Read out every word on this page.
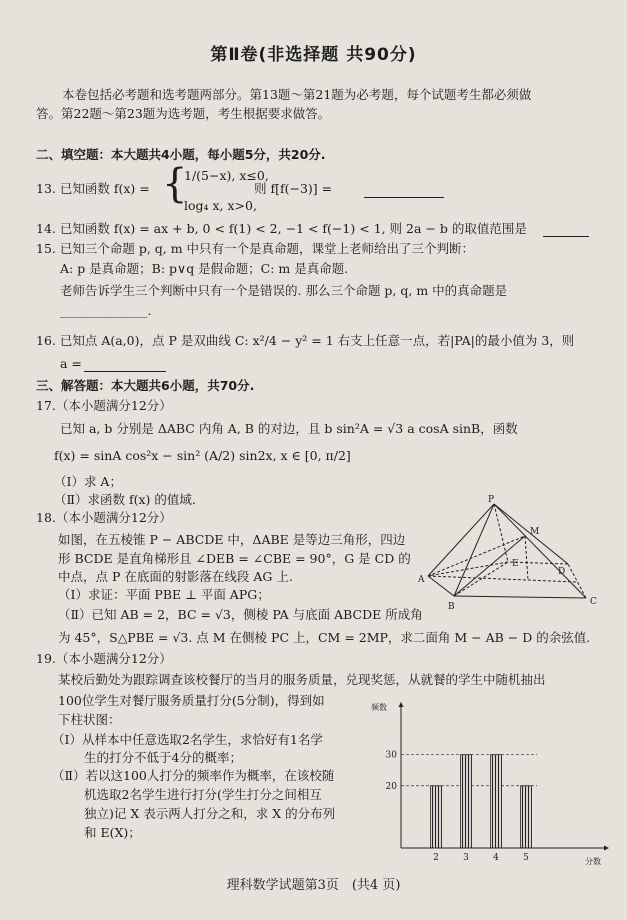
第Ⅱ卷(非选择题 共90分)
本卷包括必考题和选考题两部分。第13题～第21题为必考题，每个试题考生都必须做
答。第22题～第23题为选考题，考生根据要求做答。
二、填空题：本大题共4小题，每小题5分，共20分.
13. 已知函数 f(x) = {
1/(5−x), x≤0,
log₄ x, x>0,
则 f[f(−3)] =
14. 已知函数 f(x) = ax + b, 0 < f(1) < 2, −1 < f(−1) < 1, 则 2a − b 的取值范围是
15. 已知三个命题 p, q, m 中只有一个是真命题，课堂上老师给出了三个判断：
A: p 是真命题；B: p∨q 是假命题；C: m 是真命题.
老师告诉学生三个判断中只有一个是错误的. 那么三个命题 p, q, m 中的真命题是
______________.
16. 已知点 A(a,0)，点 P 是双曲线 C: x²/4 − y² = 1 右支上任意一点，若|PA|的最小值为 3，则
a =
三、解答题：本大题共6小题，共70分.
17.（本小题满分12分）
已知 a, b 分别是 ΔABC 内角 A, B 的对边，且 b sin²A = √3 a cosA sinB，函数
f(x) = sinA cos²x − sin² (A/2) sin2x, x ∈ [0, π/2]
（Ⅰ）求 A；
（Ⅱ）求函数 f(x) 的值域.
18.（本小题满分12分）
如图，在五棱锥 P − ABCDE 中，ΔABE 是等边三角形，四边
形 BCDE 是直角梯形且 ∠DEB = ∠CBE = 90°，G 是 CD 的
中点，点 P 在底面的射影落在线段 AG 上.
（Ⅰ）求证：平面 PBE ⊥ 平面 APG；
（Ⅱ）已知 AB = 2，BC = √3，侧棱 PA 与底面 ABCDE 所成角
为 45°，S△PBE = √3. 点 M 在侧棱 PC 上，CM = 2MP，求二面角 M − AB − D 的余弦值.
P
M
E
D
A
B	C
19.（本小题满分12分）
某校后勤处为跟踪调查该校餐厅的当月的服务质量，兑现奖惩，从就餐的学生中随机抽出
100位学生对餐厅服务质量打分(5分制)，得到如
下柱状图：
（Ⅰ）从样本中任意选取2名学生，求恰好有1名学
生的打分不低于4分的概率；
（Ⅱ）若以这100人打分的频率作为概率，在该校随
机选取2名学生进行打分(学生打分之间相互
独立)记 X 表示两人打分之和，求 X 的分布列
和 E(X)；
20
30
2	3	4	5
频数
分数
理科数学试题第3页　(共4 页)
